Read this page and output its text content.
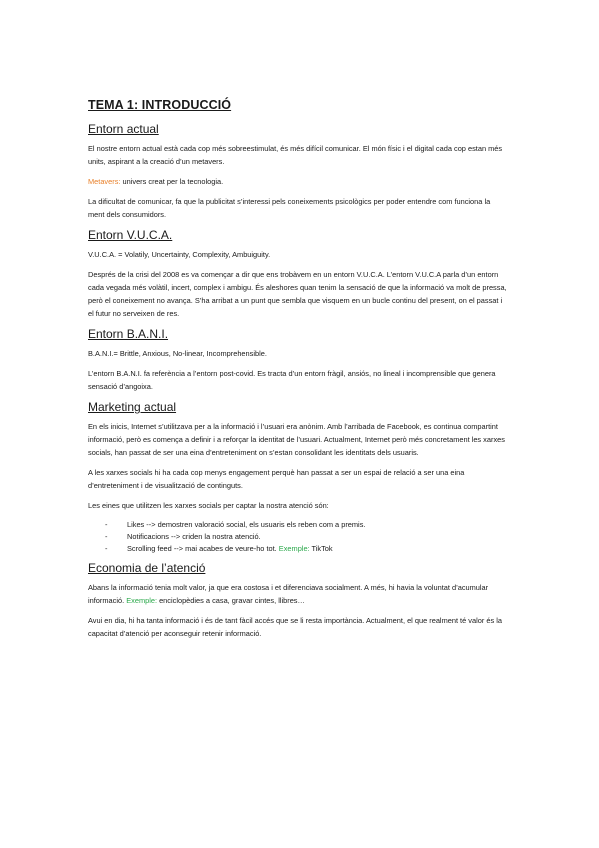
TEMA 1: INTRODUCCIÓ
Entorn actual

El nostre entorn actual està cada cop més sobreestimulat, és més difícil comunicar. El món físic i el digital cada cop estan més units, aspirant a la creació d’un metavers.

Metavers: univers creat per la tecnologia.

La dificultat de comunicar, fa que la publicitat s’interessi pels coneixements psicològics per poder entendre com funciona la ment dels consumidors.

Entorn V.U.C.A.

V.U.C.A. = Volatily, Uncertainty, Complexity, Ambuiguity.

Després de la crisi del 2008 es va començar a dir que ens trobàvem en un entorn V.U.C.A. L’entorn V.U.C.A parla d’un entorn cada vegada més volàtil, incert, complex i ambigu. És aleshores quan tenim la sensació de que la informació va molt de pressa, però el coneixement no avança. S’ha arribat a un punt que sembla que visquem en un bucle continu del present, on el passat i el futur no serveixen de res.

Entorn B.A.N.I.

B.A.N.I.= Brittle, Anxious, No-linear, Incomprehensible.

L’entorn B.A.N.I. fa referència a l’entorn post-covid. Es tracta d’un entorn fràgil, ansiós, no lineal i incomprensible que genera sensació d’angoixa.

Marketing actual

En els inicis, Internet s’utilitzava per a la informació i l’usuari era anònim. Amb l’arribada de Facebook, es continua compartint informació, però es comença a definir i a reforçar la identitat de l’usuari. Actualment, Internet però més concretament les xarxes socials, han passat de ser una eina d’entreteniment on s’estan consolidant les identitats dels usuaris.

A les xarxes socials hi ha cada cop menys engagement perquè han passat a ser un espai de relació a ser una eina d’entreteniment i de visualització de continguts.

Les eines que utilitzen les xarxes socials per captar la nostra atenció són:

-	Likes --> demostren valoració social, els usuaris els reben com a premis.
-	Notificacions --> criden la nostra atenció.
-	Scrolling feed --> mai acabes de veure-ho tot. Exemple: TikTok
Economia de l’atenció

Abans la informació tenia molt valor, ja que era costosa i et diferenciava socialment. A més, hi havia la voluntat d’acumular informació. Exemple: enciclopèdies a casa, gravar cintes, llibres…

Avui en dia, hi ha tanta informació i és de tant fàcil accés que se li resta importància. Actualment, el que realment té valor és la capacitat d’atenció per aconseguir retenir informació.
